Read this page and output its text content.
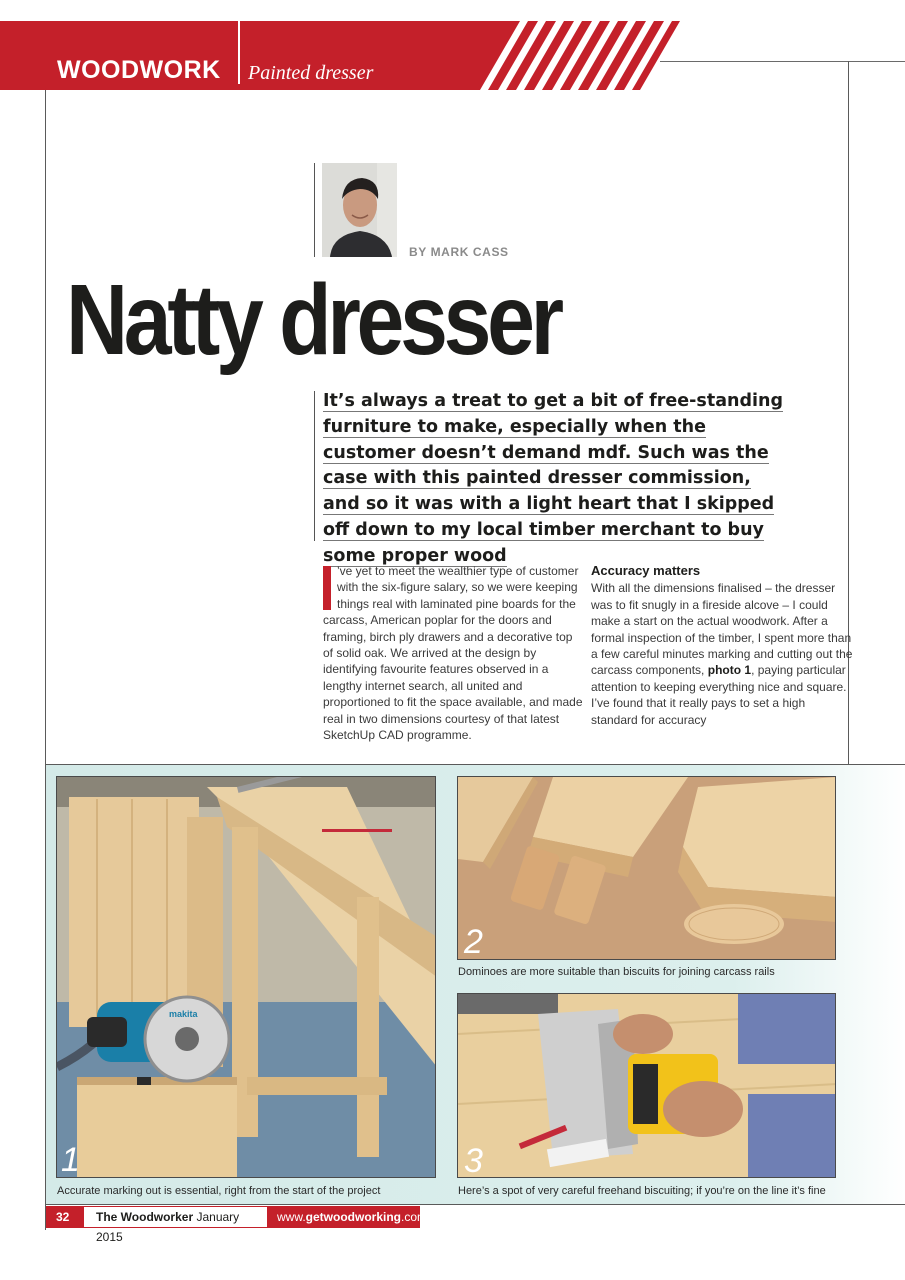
WOODWORK Painted dresser
BY MARK CASS
Natty dresser

It’s always a treat to get a bit of free-standing furniture to make, especially when the customer doesn’t demand mdf. Such was the case with this painted dresser commission, and so it was with a light heart that I skipped off down to my local timber merchant to buy some proper wood

’ve yet to meet the wealthier type of customer with the six-figure salary, so we were keeping things real with laminated pine boards for the carcass, American poplar for the doors and framing, birch ply drawers and a decorative top of solid oak. We arrived at the design by identifying favourite features observed in a lengthy internet search, all united and proportioned to fit the space available, and made real in two dimensions courtesy of that latest SketchUp CAD programme.
Accuracy matters
With all the dimensions finalised – the dresser was to fit snugly in a fireside alcove – I could make a start on the actual woodwork. After a formal inspection of the timber, I spent more than a few careful minutes marking and cutting out the carcass components, photo 1, paying particular attention to keeping everything nice and square. I’ve found that it really pays to set a high standard for accuracy
makita
1
Accurate marking out is essential, right from the start of the project
2
Dominoes are more suitable than biscuits for joining carcass rails
3
Here’s a spot of very careful freehand biscuiting; if you’re on the line it’s fine
32	The Woodworker January 2015
www.getwoodworking.com
